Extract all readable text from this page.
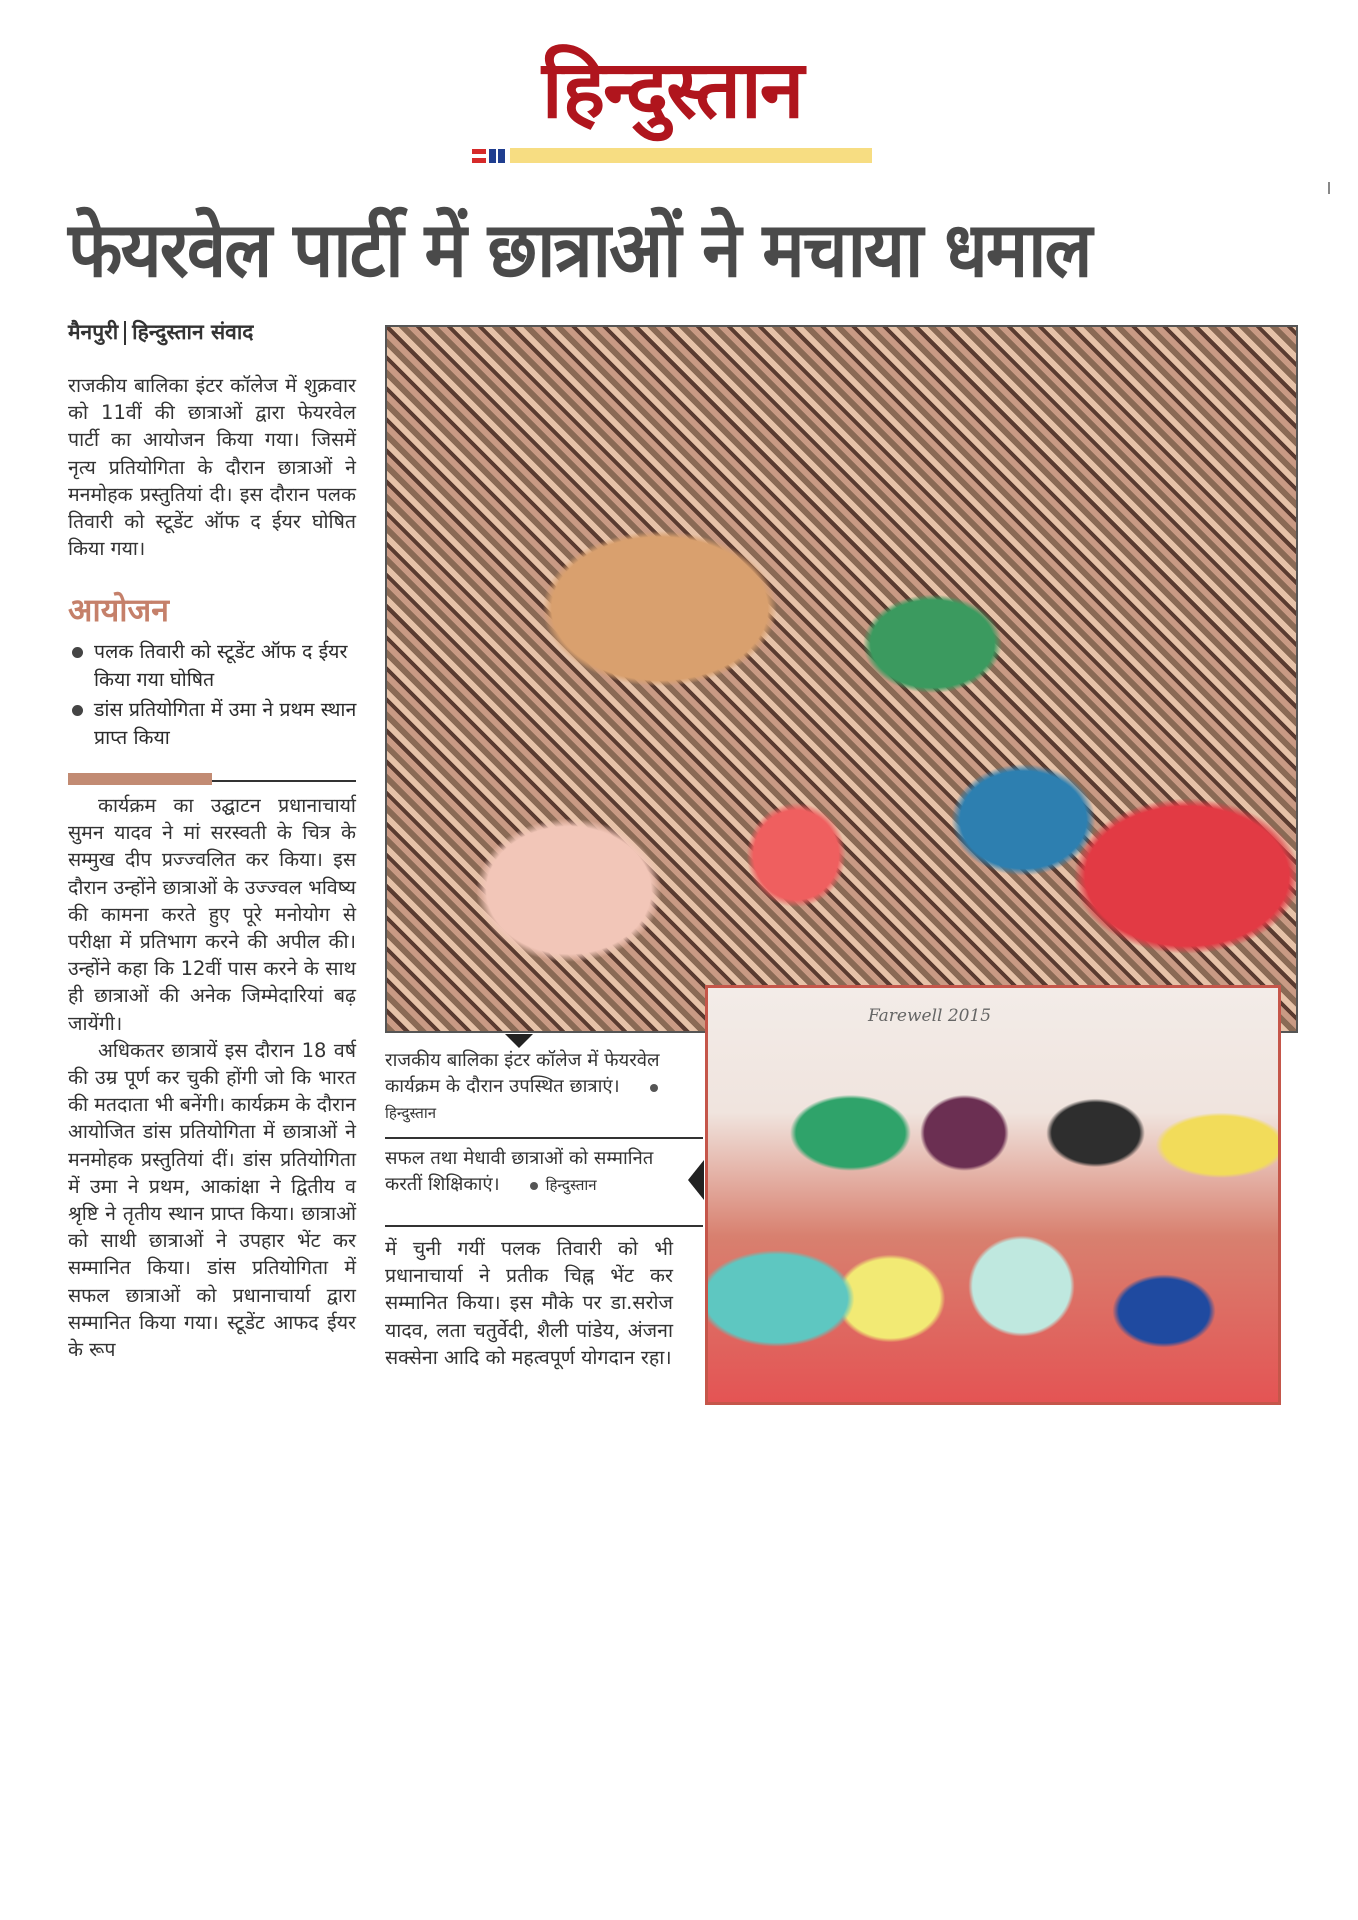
हिन्दुस्तान
फेयरवेल पार्टी में छात्राओं ने मचाया धमाल
मैनपुरी हिन्दुस्तान संवाद

राजकीय बालिका इंटर कॉलेज में शुक्रवार को 11वीं की छात्राओं द्वारा फेयरवेल पार्टी का आयोजन किया गया। जिसमें नृत्य प्रतियोगिता के दौरान छात्राओं ने मनमोहक प्रस्तुतियां दी। इस दौरान पलक तिवारी को स्टूडेंट ऑफ द ईयर घोषित किया गया।

आयोजन
पलक तिवारी को स्टूडेंट ऑफ द ईयर किया गया घोषित
डांस प्रतियोगिता में उमा ने प्रथम स्थान प्राप्त किया

कार्यक्रम का उद्घाटन प्रधानाचार्या सुमन यादव ने मां सरस्वती के चित्र के सम्मुख दीप प्रज्ज्वलित कर किया। इस दौरान उन्होंने छात्राओं के उज्ज्वल भविष्य की कामना करते हुए पूरे मनोयोग से परीक्षा में प्रतिभाग करने की अपील की। उन्होंने कहा कि 12वीं पास करने के साथ ही छात्राओं की अनेक जिम्मेदारियां बढ़ जायेंगी।

अधिकतर छात्रायें इस दौरान 18 वर्ष की उम्र पूर्ण कर चुकी होंगी जो कि भारत की मतदाता भी बनेंगी। कार्यक्रम के दौरान आयोजित डांस प्रतियोगिता में छात्राओं ने मनमोहक प्रस्तुतियां दीं। डांस प्रतियोगिता में उमा ने प्रथम, आकांक्षा ने द्वितीय व श्रृष्टि ने तृतीय स्थान प्राप्त किया। छात्राओं को साथी छात्राओं ने उपहार भेंट कर सम्मानित किया। डांस प्रतियोगिता में सफल छात्राओं को प्रधानाचार्या द्वारा सम्मानित किया गया। स्टूडेंट आफद ईयर के रूप

Farewell 2015
राजकीय बालिका इंटर कॉलेज में फेयरवेल कार्यक्रम के दौरान उपस्थित छात्राएं। हिन्दुस्तान
सफल तथा मेधावी छात्राओं को सम्मानित करतीं शिक्षिकाएं।	हिन्दुस्तान

में चुनी गयीं पलक तिवारी को भी प्रधानाचार्या ने प्रतीक चिह्न भेंट कर सम्मानित किया। इस मौके पर डा.सरोज यादव, लता चतुर्वेदी, शैली पांडेय, अंजना सक्सेना आदि को महत्वपूर्ण योगदान रहा।
